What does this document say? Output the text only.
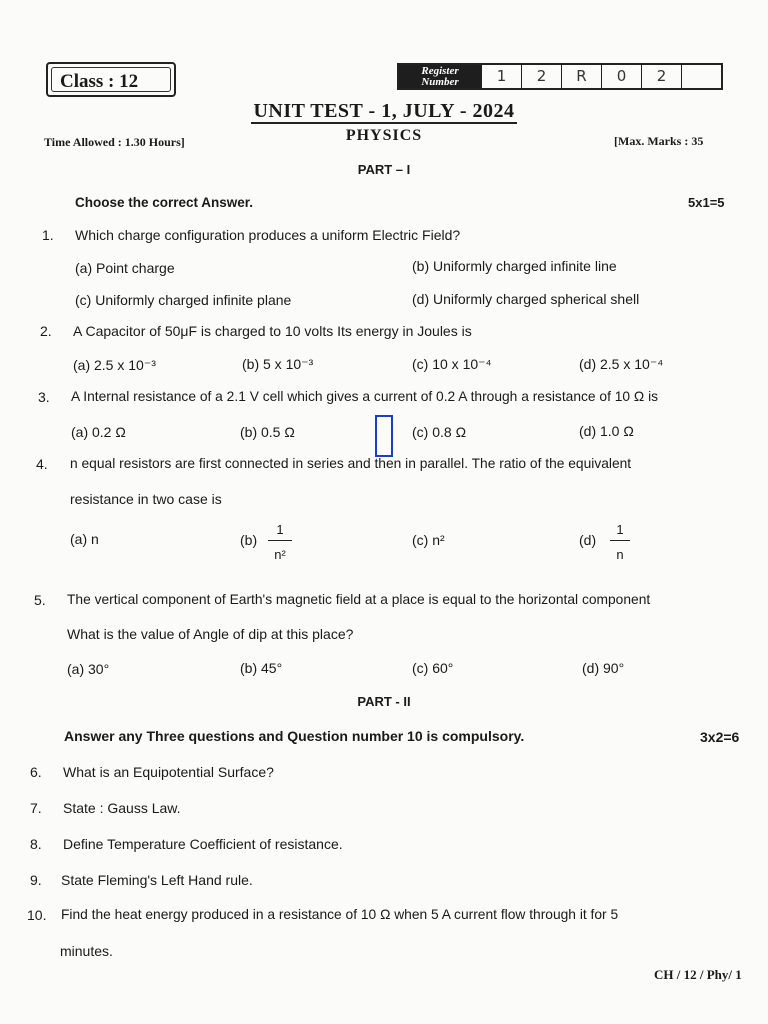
Class : 12	Register
Number	1	2	R	0	2
UNIT TEST - 1, JULY - 2024
Time Allowed : 1.30 Hours]	PHYSICS	[Max. Marks : 35
PART – I
Choose the correct Answer.	5x1=5
1. Which charge configuration produces a uniform Electric Field?
(a) Point charge	(b) Uniformly charged infinite line
(c) Uniformly charged infinite plane	(d) Uniformly charged spherical shell
2. A Capacitor of 50μF is charged to 10 volts Its energy in Joules is
(a) 2.5 x 10⁻³	(b) 5 x 10⁻³	(c) 10 x 10⁻⁴	(d) 2.5 x 10⁻⁴
3. A Internal resistance of a 2.1 V cell which gives a current of 0.2 A through a resistance of 10 Ω is
(a) 0.2 Ω	(b) 0.5 Ω	(c) 0.8 Ω	(d) 1.0 Ω
4. n equal resistors are first connected in series and then in parallel. The ratio of the equivalent
resistance in two case is
(a) n	(b)
1
n²
(c) n²	(d)
1
n
5. The vertical component of Earth's magnetic field at a place is equal to the horizontal component
What is the value of Angle of dip at this place?
(a) 30°	(b) 45°	(c) 60°	(d) 90°
PART - II
Answer any Three questions and Question number 10 is compulsory.	3x2=6
6. What is an Equipotential Surface?
7. State : Gauss Law.
8. Define Temperature Coefficient of resistance.
9. State Fleming's Left Hand rule.
10. Find the heat energy produced in a resistance of 10 Ω when 5 A current flow through it for 5
minutes.
CH / 12 / Phy/ 1
